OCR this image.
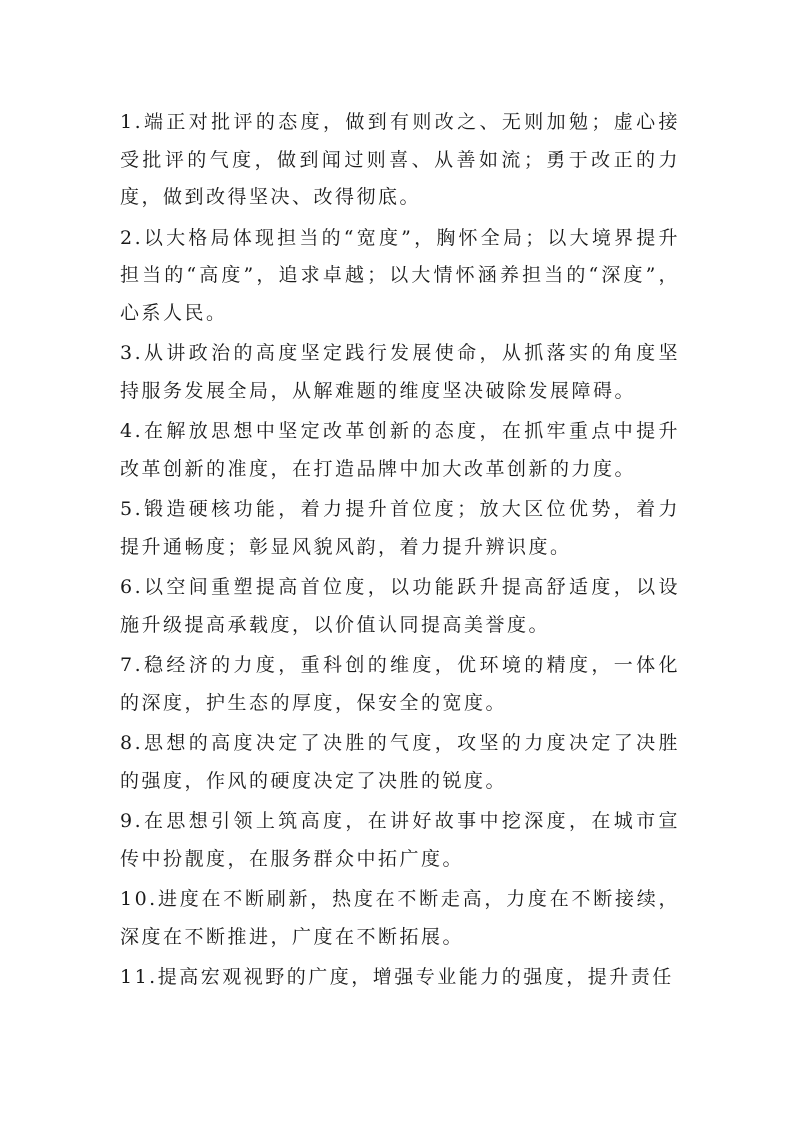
1.端正对批评的态度，做到有则改之、无则加勉；虚心接受批评的气度，做到闻过则喜、从善如流；勇于改正的力度，做到改得坚决、改得彻底。

2.以大格局体现担当的“宽度”，胸怀全局；以大境界提升担当的“高度”，追求卓越；以大情怀涵养担当的“深度”，心系人民。

3.从讲政治的高度坚定践行发展使命，从抓落实的角度坚持服务发展全局，从解难题的维度坚决破除发展障碍。

4.在解放思想中坚定改革创新的态度，在抓牢重点中提升改革创新的准度，在打造品牌中加大改革创新的力度。

5.锻造硬核功能，着力提升首位度；放大区位优势，着力提升通畅度；彰显风貌风韵，着力提升辨识度。

6.以空间重塑提高首位度，以功能跃升提高舒适度，以设施升级提高承载度，以价值认同提高美誉度。

7.稳经济的力度，重科创的维度，优环境的精度，一体化的深度，护生态的厚度，保安全的宽度。

8.思想的高度决定了决胜的气度，攻坚的力度决定了决胜的强度，作风的硬度决定了决胜的锐度。

9.在思想引领上筑高度，在讲好故事中挖深度，在城市宣传中扮靓度，在服务群众中拓广度。

10.进度在不断刷新，热度在不断走高，力度在不断接续，深度在不断推进，广度在不断拓展。

11.提高宏观视野的广度，增强专业能力的强度，提升责任
